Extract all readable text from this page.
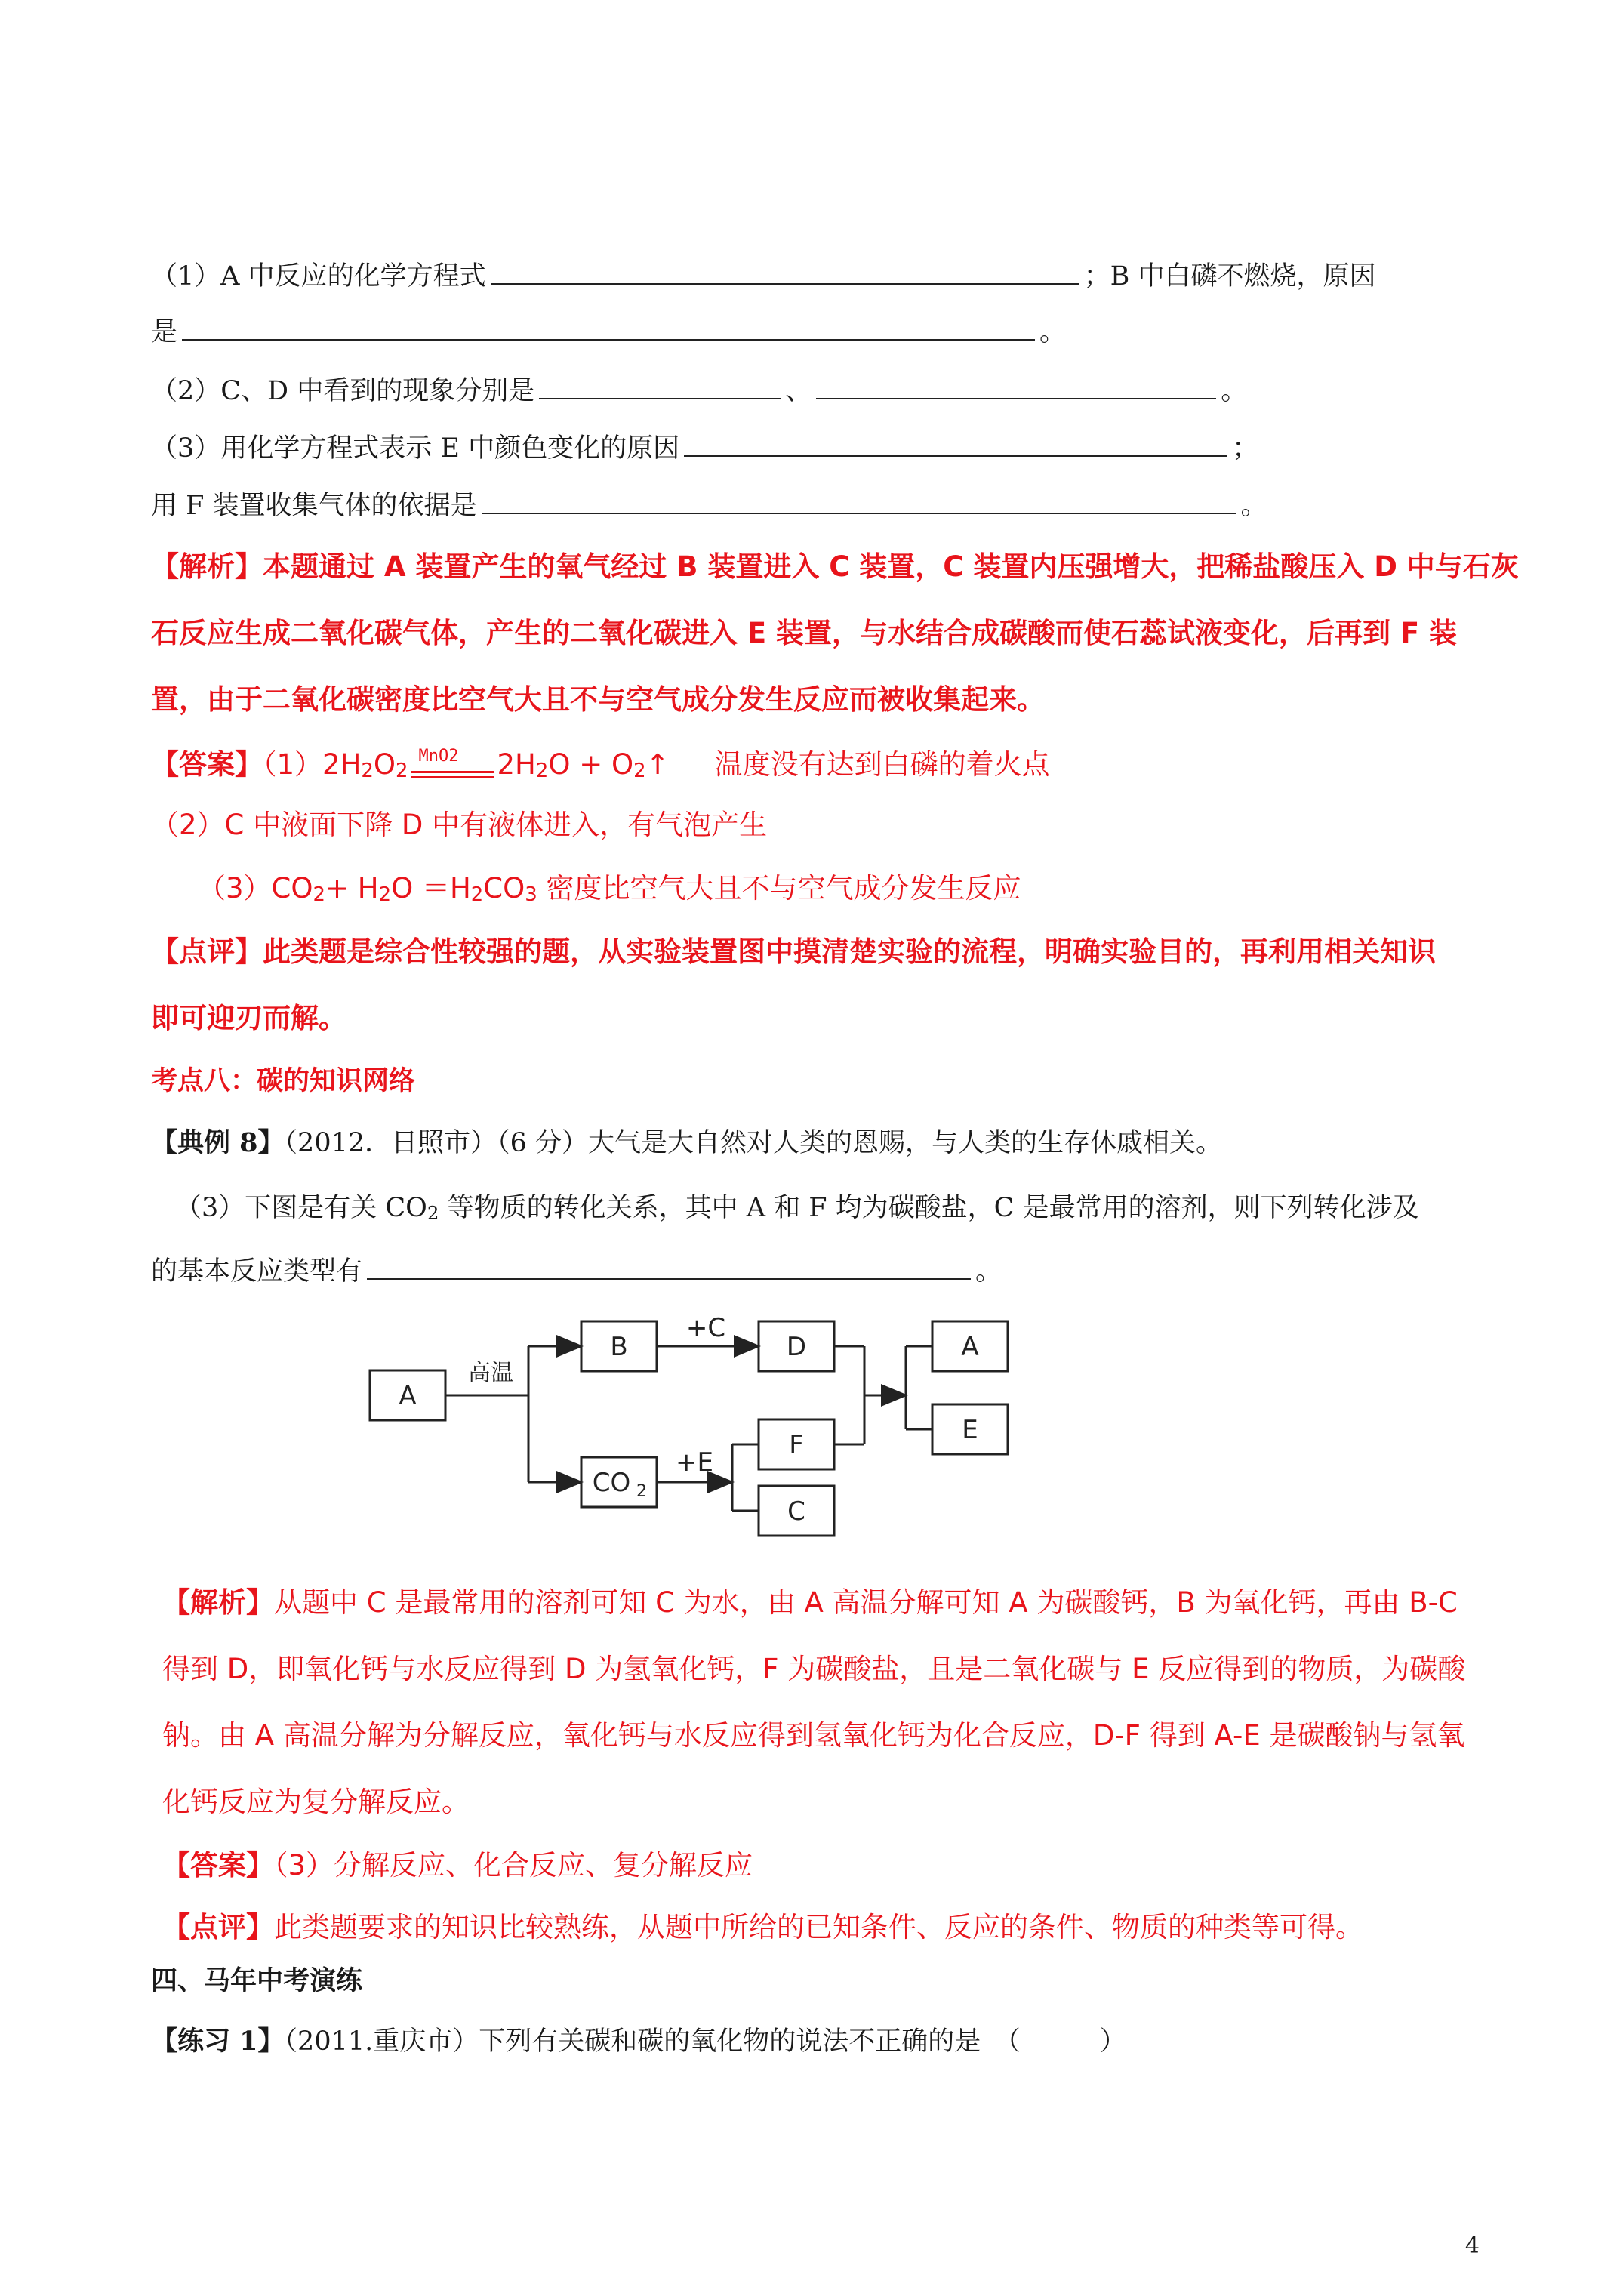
（1）A 中反应的化学方程式	；B 中白磷不燃烧，原因
是	。
（2）C、D 中看到的现象分别是	、	。
（3）用化学方程式表示 E 中颜色变化的原因	；
用 F 装置收集气体的依据是	。
【解析】本题通过 A 装置产生的氧气经过 B 装置进入 C 装置，C 装置内压强增大，把稀盐酸压入 D 中与石灰
石反应生成二氧化碳气体，产生的二氧化碳进入 E 装置，与水结合成碳酸而使石蕊试液变化，后再到 F 装
置，由于二氧化碳密度比空气大且不与空气成分发生反应而被收集起来。
【答案】（1）2H2O2
MnO2 2H2O + O2↑ 温度没有达到白磷的着火点
（2）C 中液面下降 D 中有液体进入，有气泡产生
（3）CO2+ H2O ＝H2CO3 密度比空气大且不与空气成分发生反应
【点评】此类题是综合性较强的题，从实验装置图中摸清楚实验的流程，明确实验目的，再利用相关知识
即可迎刃而解。
考点八：碳的知识网络
【典例 8】（2012．日照市）（6 分）大气是大自然对人类的恩赐，与人类的生存休戚相关。
（3）下图是有关 CO2 等物质的转化关系，其中 A 和 F 均为碳酸盐，C 是最常用的溶剂，则下列转化涉及
的基本反应类型有	。
A
高温
B
+C
D
CO 2
+E
F
C
A
E
【解析】从题中 C 是最常用的溶剂可知 C 为水，由 A 高温分解可知 A 为碳酸钙，B 为氧化钙，再由 B-C
得到 D，即氧化钙与水反应得到 D 为氢氧化钙，F 为碳酸盐，且是二氧化碳与 E 反应得到的物质，为碳酸
钠。由 A 高温分解为分解反应，氧化钙与水反应得到氢氧化钙为化合反应，D-F 得到 A-E 是碳酸钠与氢氧
化钙反应为复分解反应。
【答案】（3）分解反应、化合反应、复分解反应
【点评】此类题要求的知识比较熟练，从题中所给的已知条件、反应的条件、物质的种类等可得。
四、马年中考演练
【练习 1】（2011.重庆市）下列有关碳和碳的氧化物的说法不正确的是　（　　　）
4
